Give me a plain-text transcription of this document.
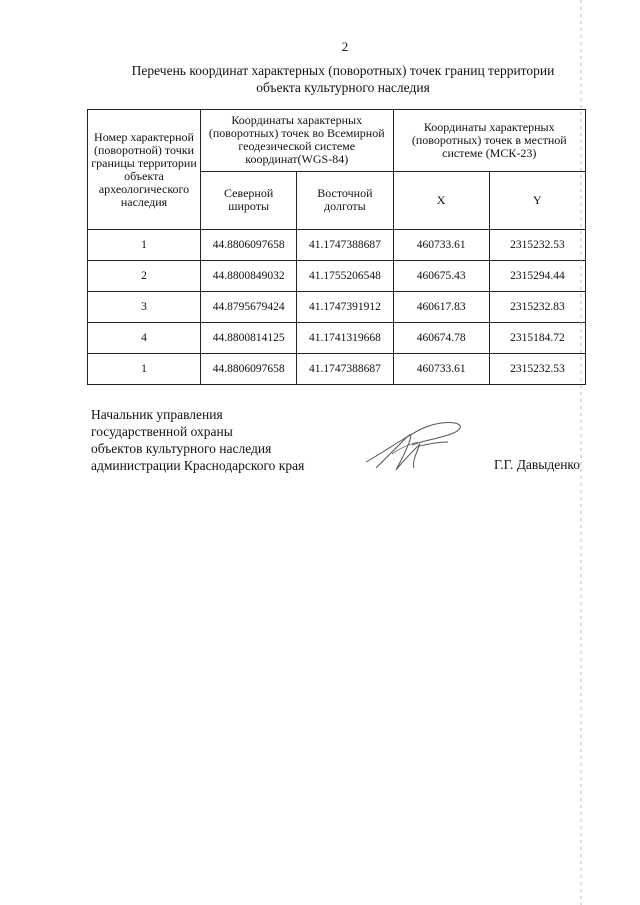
2
Перечень координат характерных (поворотных) точек границ территории
объекта культурного наследия
Номер характерной (поворотной) точки границы территории объекта археологического наследия	Координаты характерных (поворотных) точек во Всемирной геодезической системе координат(WGS-84)		Координаты характерных (поворотных) точек в местной системе (МСК-23)	
	Северной широты	Восточной долготы	X	Y
1	44.8806097658	41.1747388687	460733.61	2315232.53
2	44.8800849032	41.1755206548	460675.43	2315294.44
3	44.8795679424	41.1747391912	460617.83	2315232.83
4	44.8800814125	41.1741319668	460674.78	2315184.72
1	44.8806097658	41.1747388687	460733.61	2315232.53
Начальник управления
государственной охраны
объектов культурного наследия
администрации Краснодарского края	Г.Г. Давыденко
